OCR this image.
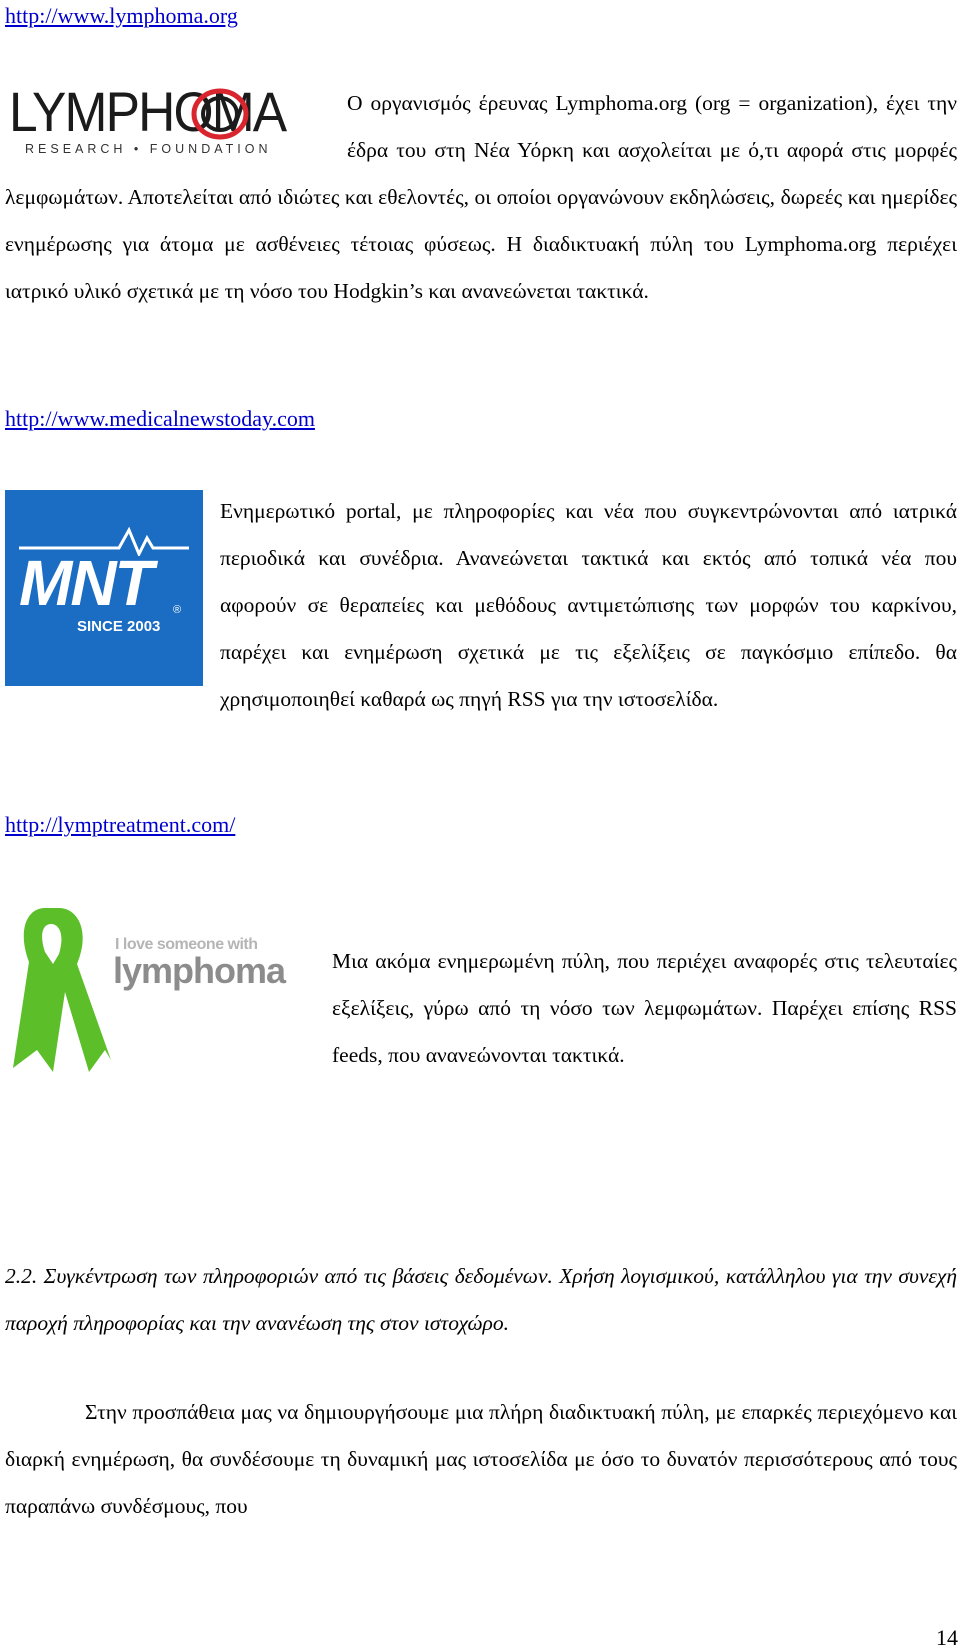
http://www.lymphoma.org
LYMPHOMA
RESEARCH • FOUNDATION
Ο οργανισμός έρευνας Lymphoma.org (org = organization), έχει την έδρα του στη Νέα Υόρκη και ασχολείται με ό,τι αφορά στις μορφές λεμφωμάτων. Αποτελείται από ιδιώτες και εθελοντές, οι οποίοι οργανώνουν εκδηλώσεις, δωρεές και ημερίδες ενημέρωσης για άτομα με ασθένειες τέτοιας φύσεως. Η διαδικτυακή πύλη του Lymphoma.org περιέχει ιατρικό υλικό σχετικά με τη νόσο του Hodgkin’s και ανανεώνεται τακτικά.
http://www.medicalnewstoday.com
MNT ®
SINCE 2003
Ενημερωτικό portal, με πληροφορίες και νέα που συγκεντρώνονται από ιατρικά περιοδικά και συνέδρια. Ανανεώνεται τακτικά και εκτός από τοπικά νέα που αφορούν σε θεραπείες και μεθόδους αντιμετώπισης των μορφών του καρκίνου, παρέχει και ενημέρωση σχετικά με τις εξελίξεις σε παγκόσμιο επίπεδο. θα χρησιμοποιηθεί καθαρά ως πηγή RSS για την ιστοσελίδα.
http://lymptreatment.com/
I love someone with
lymphoma Μια ακόμα ενημερωμένη πύλη, που περιέχει αναφορές στις τελευταίες εξελίξεις, γύρω από τη νόσο των λεμφωμάτων. Παρέχει επίσης RSS feeds, που ανανεώνονται τακτικά.

2.2. Συγκέντρωση των πληροφοριών από τις βάσεις δεδομένων. Χρήση λογισμικού, κατάλληλου για την συνεχή παροχή πληροφορίας και την ανανέωση της στον ιστοχώρο.

Στην προσπάθεια μας να δημιουργήσουμε μια πλήρη διαδικτυακή πύλη, με επαρκές περιεχόμενο και διαρκή ενημέρωση, θα συνδέσουμε τη δυναμική μας ιστοσελίδα με όσο το δυνατόν περισσότερους από τους παραπάνω συνδέσμους, που

14
